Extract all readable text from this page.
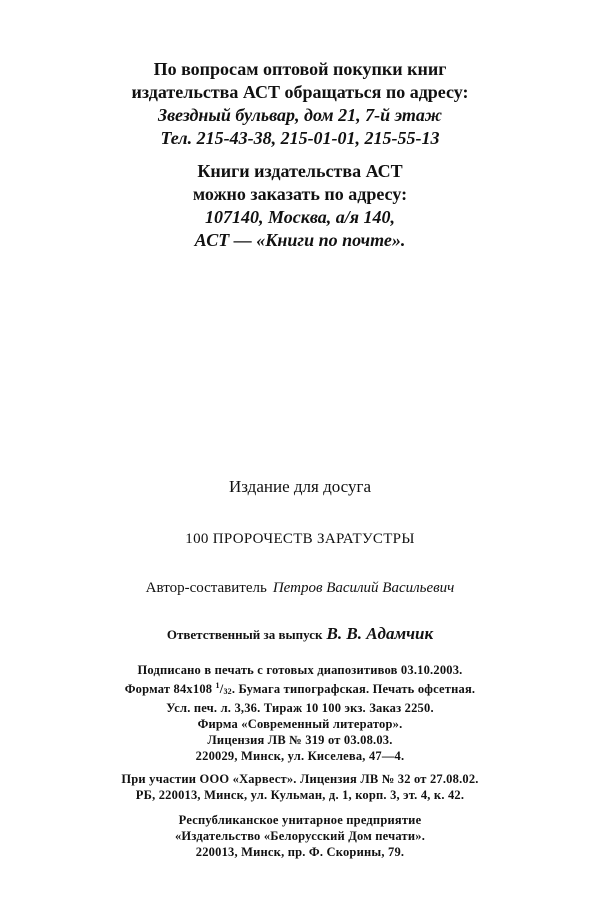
По вопросам оптовой покупки книг
издательства АСТ обращаться по адресу:
Звездный бульвар, дом 21, 7-й этаж
Тел. 215-43-38, 215-01-01, 215-55-13
Книги издательства АСТ
можно заказать по адресу:
107140, Москва, а/я 140,
АСТ — «Книги по почте».
Издание для досуга
100 ПРОРОЧЕСТВ ЗАРАТУСТРЫ
Автор-составитель Петров Василий Васильевич
Ответственный за выпуск В. В. Адамчик
Подписано в печать с готовых диапозитивов 03.10.2003.
Формат 84x108 $^1/_{32}$. Бумага типографская. Печать офсетная.
Усл. печ. л. 3,36. Тираж 10 100 экз. Заказ 2250.
Фирма «Современный литератор».
Лицензия ЛВ № 319 от 03.08.03.
220029, Минск, ул. Киселева, 47—4.
При участии ООО «Харвест». Лицензия ЛВ № 32 от 27.08.02.
РБ, 220013, Минск, ул. Кульман, д. 1, корп. 3, эт. 4, к. 42.
Республиканское унитарное предприятие
«Издательство «Белорусский Дом печати».
220013, Минск, пр. Ф. Скорины, 79.
